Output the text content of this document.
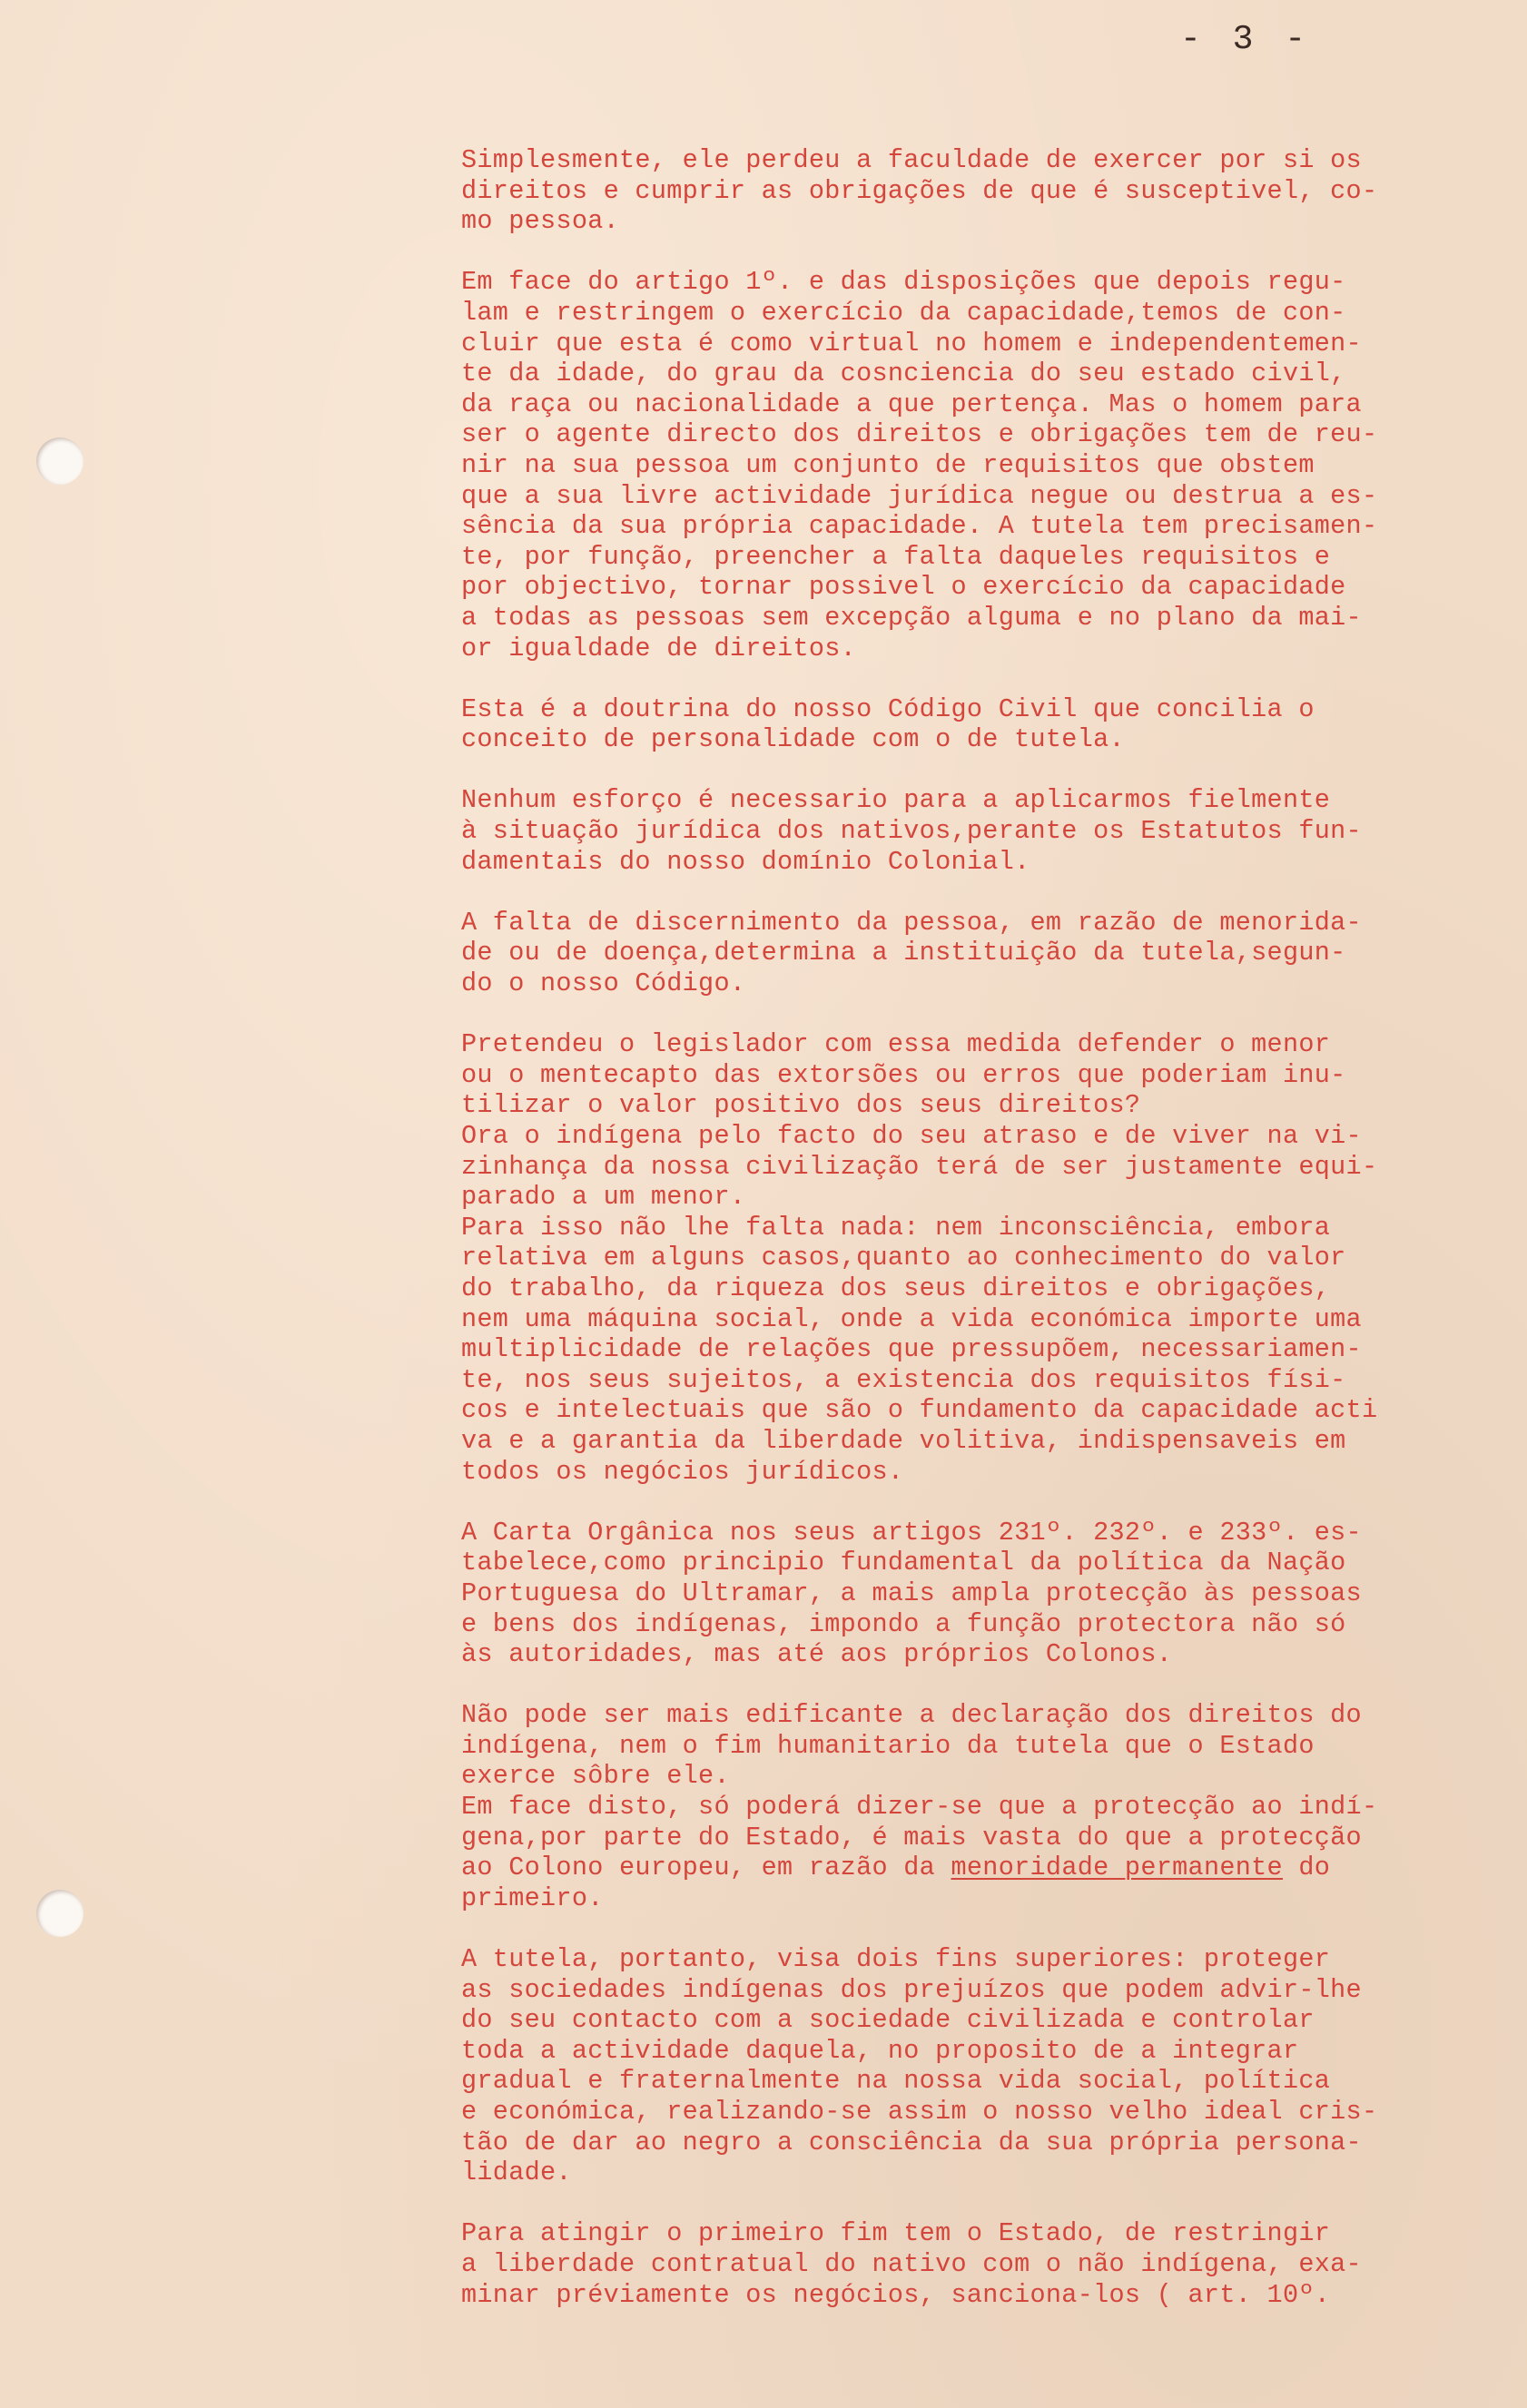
- 3 -

Simplesmente, ele perdeu a faculdade de exercer por si os
direitos e cumprir as obrigações de que é susceptivel, co-
mo pessoa.

Em face do artigo 1º. e das disposições que depois regu-
lam e restringem o exercício da capacidade,temos de con-
cluir que esta é como virtual no homem e independentemen-
te da idade, do grau da cosnciencia do seu estado civil,
da raça ou nacionalidade a que pertença. Mas o homem para
ser o agente directo dos direitos e obrigações tem de reu-
nir na sua pessoa um conjunto de requisitos que obstem
que a sua livre actividade jurídica negue ou destrua a es-
sência da sua própria capacidade. A tutela tem precisamen-
te, por função, preencher a falta daqueles requisitos e
por objectivo, tornar possivel o exercício da capacidade
a todas as pessoas sem excepção alguma e no plano da mai-
or igualdade de direitos.

Esta é a doutrina do nosso Código Civil que concilia o
conceito de personalidade com o de tutela.

Nenhum esforço é necessario para a aplicarmos fielmente
à situação jurídica dos nativos,perante os Estatutos fun-
damentais do nosso domínio Colonial.

A falta de discernimento da pessoa, em razão de menorida-
de ou de doença,determina a instituição da tutela,segun-
do o nosso Código.

Pretendeu o legislador com essa medida defender o menor
ou o mentecapto das extorsões ou erros que poderiam inu-
tilizar o valor positivo dos seus direitos?
Ora o indígena pelo facto do seu atraso e de viver na vi-
zinhança da nossa civilização terá de ser justamente equi-
parado a um menor.
Para isso não lhe falta nada: nem inconsciência, embora
relativa em alguns casos,quanto ao conhecimento do valor
do trabalho, da riqueza dos seus direitos e obrigações,
nem uma máquina social, onde a vida económica importe uma
multiplicidade de relações que pressupõem, necessariamen-
te, nos seus sujeitos, a existencia dos requisitos físi-
cos e intelectuais que são o fundamento da capacidade acti
va e a garantia da liberdade volitiva, indispensaveis em
todos os negócios jurídicos.

A Carta Orgânica nos seus artigos 231º. 232º. e 233º. es-
tabelece,como principio fundamental da política da Nação
Portuguesa do Ultramar, a mais ampla protecção às pessoas
e bens dos indígenas, impondo a função protectora não só
às autoridades, mas até aos próprios Colonos.

Não pode ser mais edificante a declaração dos direitos do
indígena, nem o fim humanitario da tutela que o Estado
exerce sôbre ele.
Em face disto, só poderá dizer-se que a protecção ao indí-
gena,por parte do Estado, é mais vasta do que a protecção
ao Colono europeu, em razão da menoridade permanente do
primeiro.

A tutela, portanto, visa dois fins superiores: proteger
as sociedades indígenas dos prejuízos que podem advir-lhe
do seu contacto com a sociedade civilizada e controlar
toda a actividade daquela, no proposito de a integrar
gradual e fraternalmente na nossa vida social, política
e económica, realizando-se assim o nosso velho ideal cris-
tão de dar ao negro a consciência da sua própria persona-
lidade.

Para atingir o primeiro fim tem o Estado, de restringir
a liberdade contratual do nativo com o não indígena, exa-
minar préviamente os negócios, sanciona-los ( art. 10º.
